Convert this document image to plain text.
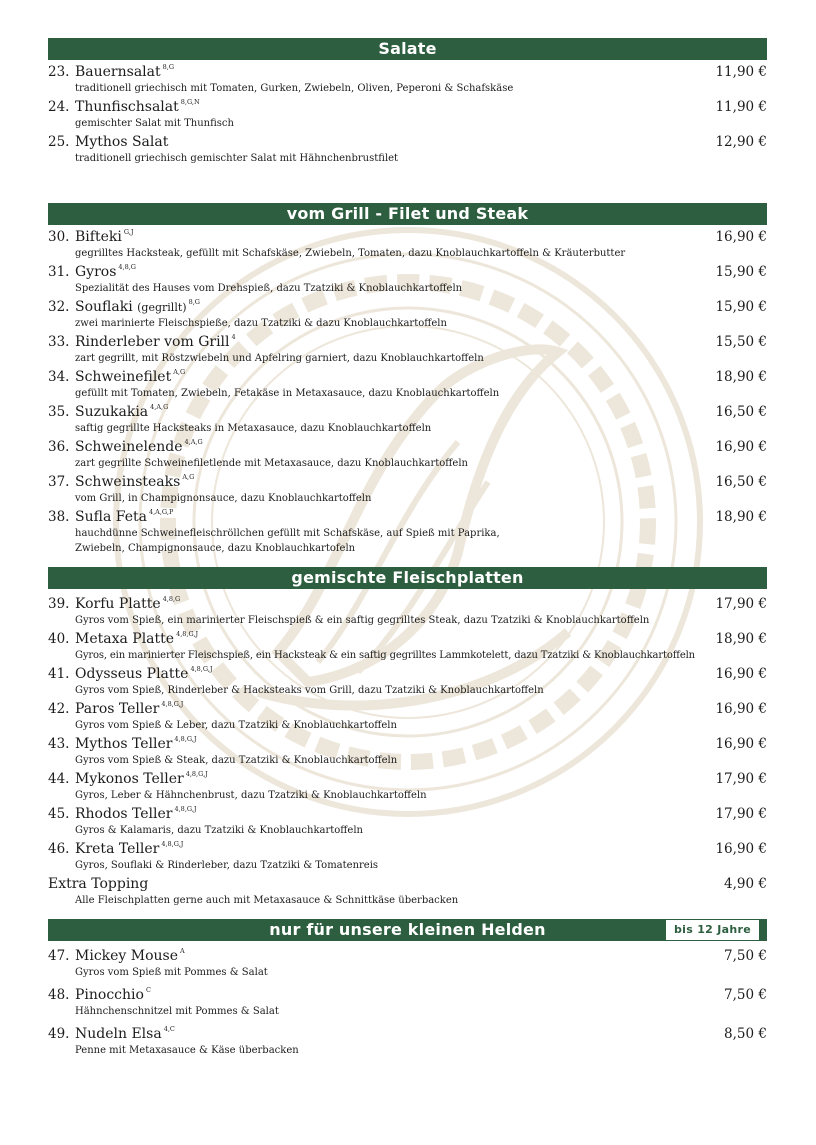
Salate
23. Bauernsalat $^{8,G}$	11,90 €
traditionell griechisch mit Tomaten, Gurken, Zwiebeln, Oliven, Peperoni & Schafskäse
24. Thunfischsalat $^{8,G,N}$	11,90 €
gemischter Salat mit Thunfisch
25. Mythos Salat	12,90 €
traditionell griechisch gemischter Salat mit Hähnchenbrustfilet
vom Grill - Filet und Steak
30. Bifteki $^{G,J}$	16,90 €
gegrilltes Hacksteak, gefüllt mit Schafskäse, Zwiebeln, Tomaten, dazu Knoblauchkartoffeln & Kräuterbutter
31. Gyros $^{4,8,G}$	15,90 €
Spezialität des Hauses vom Drehspieß, dazu Tzatziki & Knoblauchkartoffeln
32. Souflaki (gegrillt) $^{8,G}$	15,90 €
zwei marinierte Fleischspieße, dazu Tzatziki & dazu Knoblauchkartoffeln
33. Rinderleber vom Grill $^4$	15,50 €
zart gegrillt, mit Röstzwiebeln und Apfelring garniert, dazu Knoblauchkartoffeln
34. Schweinefilet $^{A,G}$	18,90 €
gefüllt mit Tomaten, Zwiebeln, Fetakäse in Metaxasauce, dazu Knoblauchkartoffeln
35. Suzukakia $^{4,A,G}$	16,50 €
saftig gegrillte Hacksteaks in Metaxasauce, dazu Knoblauchkartoffeln
36. Schweinelende $^{4,A,G}$	16,90 €
zart gegrillte Schweinefiletlende mit Metaxasauce, dazu Knoblauchkartoffeln
37. Schweinsteaks $^{A,G}$	16,50 €
vom Grill, in Champignonsauce, dazu Knoblauchkartoffeln
38. Sufla Feta $^{4,A,G,P}$	18,90 €
hauchdünne Schweinefleischröllchen gefüllt mit Schafskäse, auf Spieß mit Paprika,
Zwiebeln, Champignonsauce, dazu Knoblauchkartofeln
gemischte Fleischplatten
39. Korfu Platte $^{4,8,G}$	17,90 €
Gyros vom Spieß, ein marinierter Fleischspieß & ein saftig gegrilltes Steak, dazu Tzatziki & Knoblauchkartoffeln
40. Metaxa Platte $^{4,8,G,J}$	18,90 €
Gyros, ein marinierter Fleischspieß, ein Hacksteak & ein saftig gegrilltes Lammkotelett, dazu Tzatziki & Knoblauchkartoffeln
41. Odysseus Platte $^{4,8,G,J}$	16,90 €
Gyros vom Spieß, Rinderleber & Hacksteaks vom Grill, dazu Tzatziki & Knoblauchkartoffeln
42. Paros Teller $^{4,8,G,J}$	16,90 €
Gyros vom Spieß & Leber, dazu Tzatziki & Knoblauchkartoffeln
43. Mythos Teller $^{4,8,G,J}$	16,90 €
Gyros vom Spieß & Steak, dazu Tzatziki & Knoblauchkartoffeln
44. Mykonos Teller $^{4,8,G,J}$	17,90 €
Gyros, Leber & Hähnchenbrust, dazu Tzatziki & Knoblauchkartoffeln
45. Rhodos Teller $^{4,8,G,J}$	17,90 €
Gyros & Kalamaris, dazu Tzatziki & Knoblauchkartoffeln
46. Kreta Teller $^{4,8,G,J}$	16,90 €
Gyros, Souflaki & Rinderleber, dazu Tzatziki & Tomatenreis
Extra Topping	4,90 €
Alle Fleischplatten gerne auch mit Metaxasauce & Schnittkäse überbacken
nur für unsere kleinen Helden	bis 12 Jahre
47. Mickey Mouse $^A$	7,50 €
Gyros vom Spieß mit Pommes & Salat
48. Pinocchio $^C$	7,50 €
Hähnchenschnitzel mit Pommes & Salat
49. Nudeln Elsa $^{4,C}$	8,50 €
Penne mit Metaxasauce & Käse überbacken
